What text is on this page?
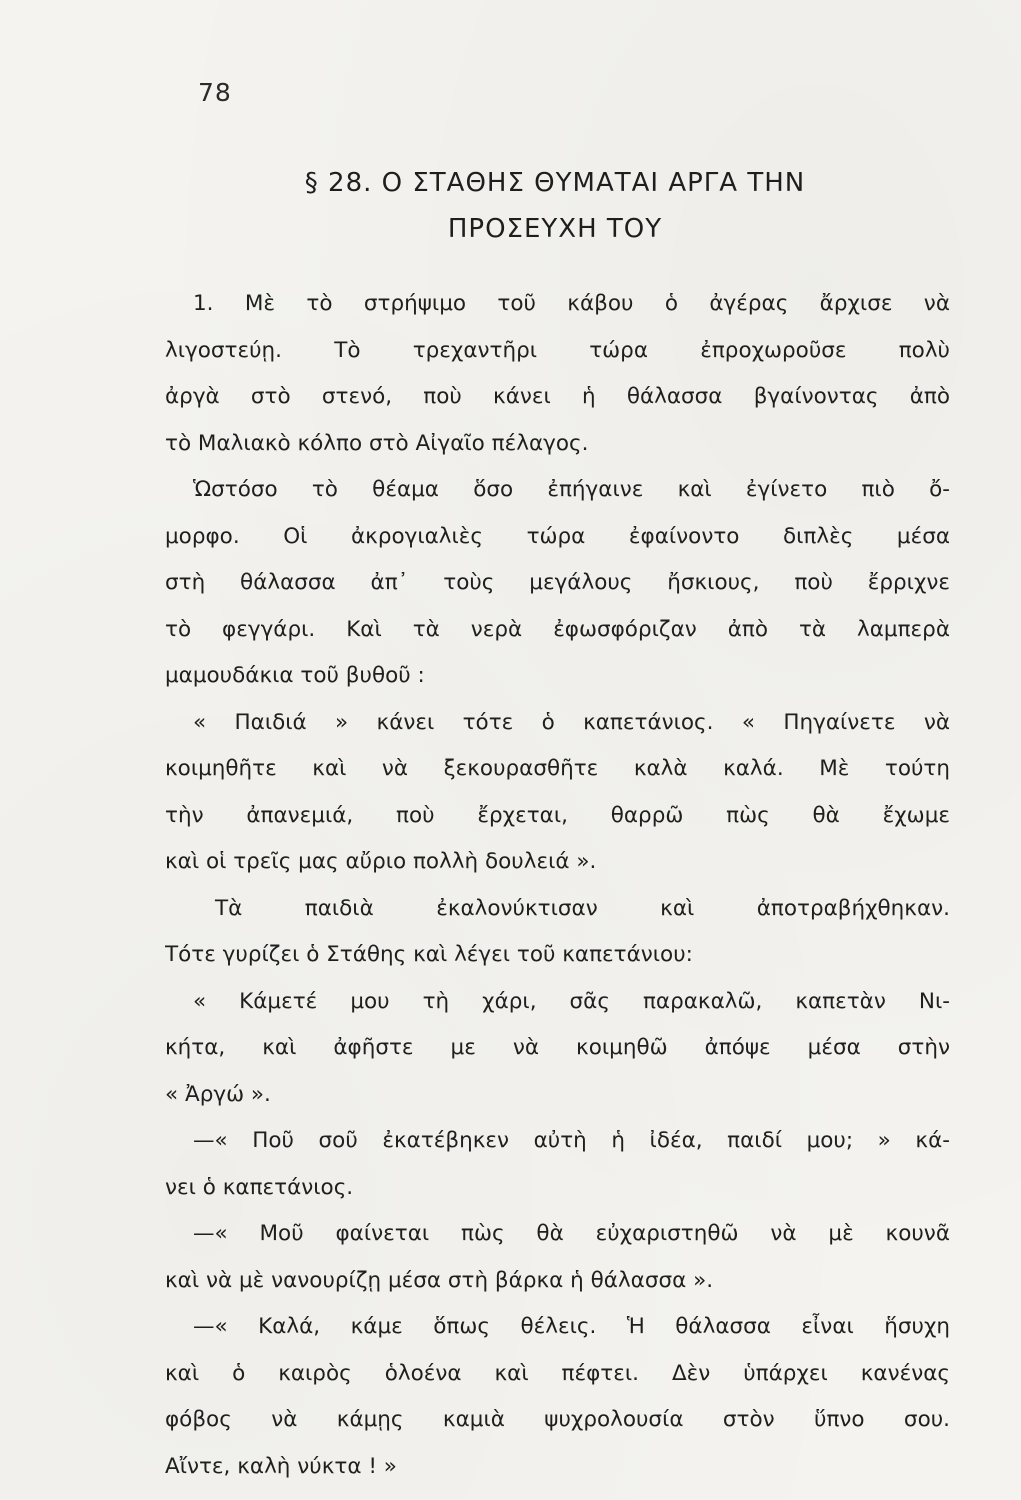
78
§ 28. Ο ΣΤΑΘΗΣ ΘΥΜΑΤΑΙ ΑΡΓΑ ΤΗΝ
ΠΡΟΣΕΥΧΗ ΤΟΥ
1. Μὲ τὸ στρήψιμο τοῦ κάβου ὁ ἀγέρας ἄρχισε νὰ
λιγοστεύῃ. Τὸ τρεχαντῆρι τώρα ἐπροχωροῦσε πολὺ
ἀργὰ στὸ στενό, ποὺ κάνει ἡ θάλασσα βγαίνοντας ἀπὸ
τὸ Μαλιακὸ κόλπο στὸ Αἰγαῖο πέλαγος.
Ὡστόσο τὸ θέαμα ὅσο ἐπήγαινε καὶ ἐγίνετο πιὸ ὄ-
μορφο. Οἱ ἀκρογιαλιὲς τώρα ἐφαίνοντο διπλὲς μέσα
στὴ θάλασσα ἀπ᾿ τοὺς μεγάλους ἤσκιους, ποὺ ἔρριχνε
τὸ φεγγάρι. Καὶ τὰ νερὰ ἐφωσφόριζαν ἀπὸ τὰ λαμπερὰ
μαμουδάκια τοῦ βυθοῦ :
« Παιδιά » κάνει τότε ὁ καπετάνιος. « Πηγαίνετε νὰ
κοιμηθῆτε καὶ νὰ ξεκουρασθῆτε καλὰ καλά. Μὲ τούτη
τὴν ἀπανεμιά, ποὺ ἔρχεται, θαρρῶ πὼς θὰ ἔχωμε
καὶ οἱ τρεῖς μας αὔριο πολλὴ δουλειά ».
Τὰ παιδιὰ ἐκαλονύκτισαν καὶ ἀποτραβήχθηκαν.
Τότε γυρίζει ὁ Στάθης καὶ λέγει τοῦ καπετάνιου:
« Κάμετέ μου τὴ χάρι, σᾶς παρακαλῶ, καπετὰν Νι-
κήτα, καὶ ἀφῆστε με νὰ κοιμηθῶ ἀπόψε μέσα στὴν
« Ἀργώ ».
—« Ποῦ σοῦ ἐκατέβηκεν αὐτὴ ἡ ἰδέα, παιδί μου; » κά-
νει ὁ καπετάνιος.
—« Μοῦ φαίνεται πὼς θὰ εὐχαριστηθῶ νὰ μὲ κουνᾶ
καὶ νὰ μὲ νανουρίζῃ μέσα στὴ βάρκα ἡ θάλασσα ».
—« Καλά, κάμε ὅπως θέλεις. Ἡ θάλασσα εἶναι ἥσυχη
καὶ ὁ καιρὸς ὁλοένα καὶ πέφτει. Δὲν ὑπάρχει κανένας
φόβος νὰ κάμῃς καμιὰ ψυχρολουσία στὸν ὕπνο σου.
Αἴντε, καλὴ νύκτα ! »
